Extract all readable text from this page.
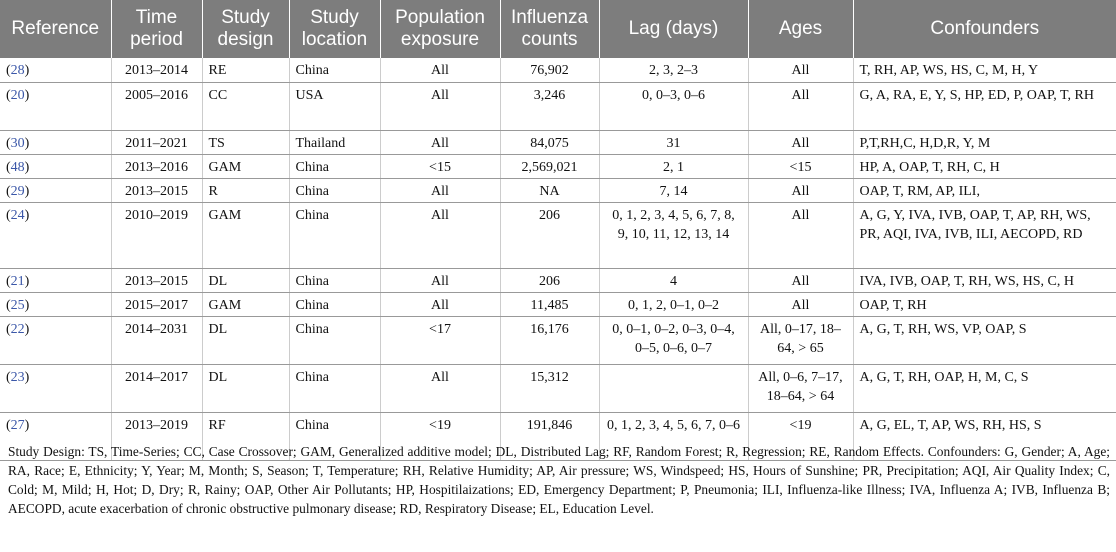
Reference	Time period	Study design	Study location	Population exposure	Influenza counts	Lag (days)	Ages	Confounders
(28)	2013–2014	RE	China	All	76,902	2, 3, 2–3	All	T, RH, AP, WS, HS, C, M, H, Y
(20)	2005–2016	CC	USA	All	3,246	0, 0–3, 0–6	All	G, A, RA, E, Y, S, HP, ED, P, OAP, T, RH
(30)	2011–2021	TS	Thailand	All	84,075	31	All	P,T,RH,C, H,D,R, Y, M
(48)	2013–2016	GAM	China	<15	2,569,021	2, 1	<15	HP, A, OAP, T, RH, C, H
(29)	2013–2015	R	China	All	NA	7, 14	All	OAP, T, RM, AP, ILI,
(24)	2010–2019	GAM	China	All	206	0, 1, 2, 3, 4, 5, 6, 7, 8, 9, 10, 11, 12, 13, 14	All	A, G, Y, IVA, IVB, OAP, T, AP, RH, WS, PR, AQI, IVA, IVB, ILI, AECOPD, RD
(21)	2013–2015	DL	China	All	206	4	All	IVA, IVB, OAP, T, RH, WS, HS, C, H
(25)	2015–2017	GAM	China	All	11,485	0, 1, 2, 0–1, 0–2	All	OAP, T, RH
(22)	2014–2031	DL	China	<17	16,176	0, 0–1, 0–2, 0–3, 0–4, 0–5, 0–6, 0–7	All, 0–17, 18–64, > 65	A, G, T, RH, WS, VP, OAP, S
(23)	2014–2017	DL	China	All	15,312		All, 0–6, 7–17, 18–64, > 64	A, G, T, RH, OAP, H, M, C, S
(27)	2013–2019	RF	China	<19	191,846	0, 1, 2, 3, 4, 5, 6, 7, 0–6	<19	A, G, EL, T, AP, WS, RH, HS, S
Study Design: TS, Time-Series; CC, Case Crossover; GAM, Generalized additive model; DL, Distributed Lag; RF, Random Forest; R, Regression; RE, Random Effects. Confounders: G, Gender; A, Age; RA, Race; E, Ethnicity; Y, Year; M, Month; S, Season; T, Temperature; RH, Relative Humidity; AP, Air pressure; WS, Windspeed; HS, Hours of Sunshine; PR, Precipitation; AQI, Air Quality Index; C, Cold; M, Mild; H, Hot; D, Dry; R, Rainy; OAP, Other Air Pollutants; HP, Hospitilaizations; ED, Emergency Department; P, Pneumonia; ILI, Influenza-like Illness; IVA, Influenza A; IVB, Influenza B; AECOPD, acute exacerbation of chronic obstructive pulmonary disease; RD, Respiratory Disease; EL, Education Level.
